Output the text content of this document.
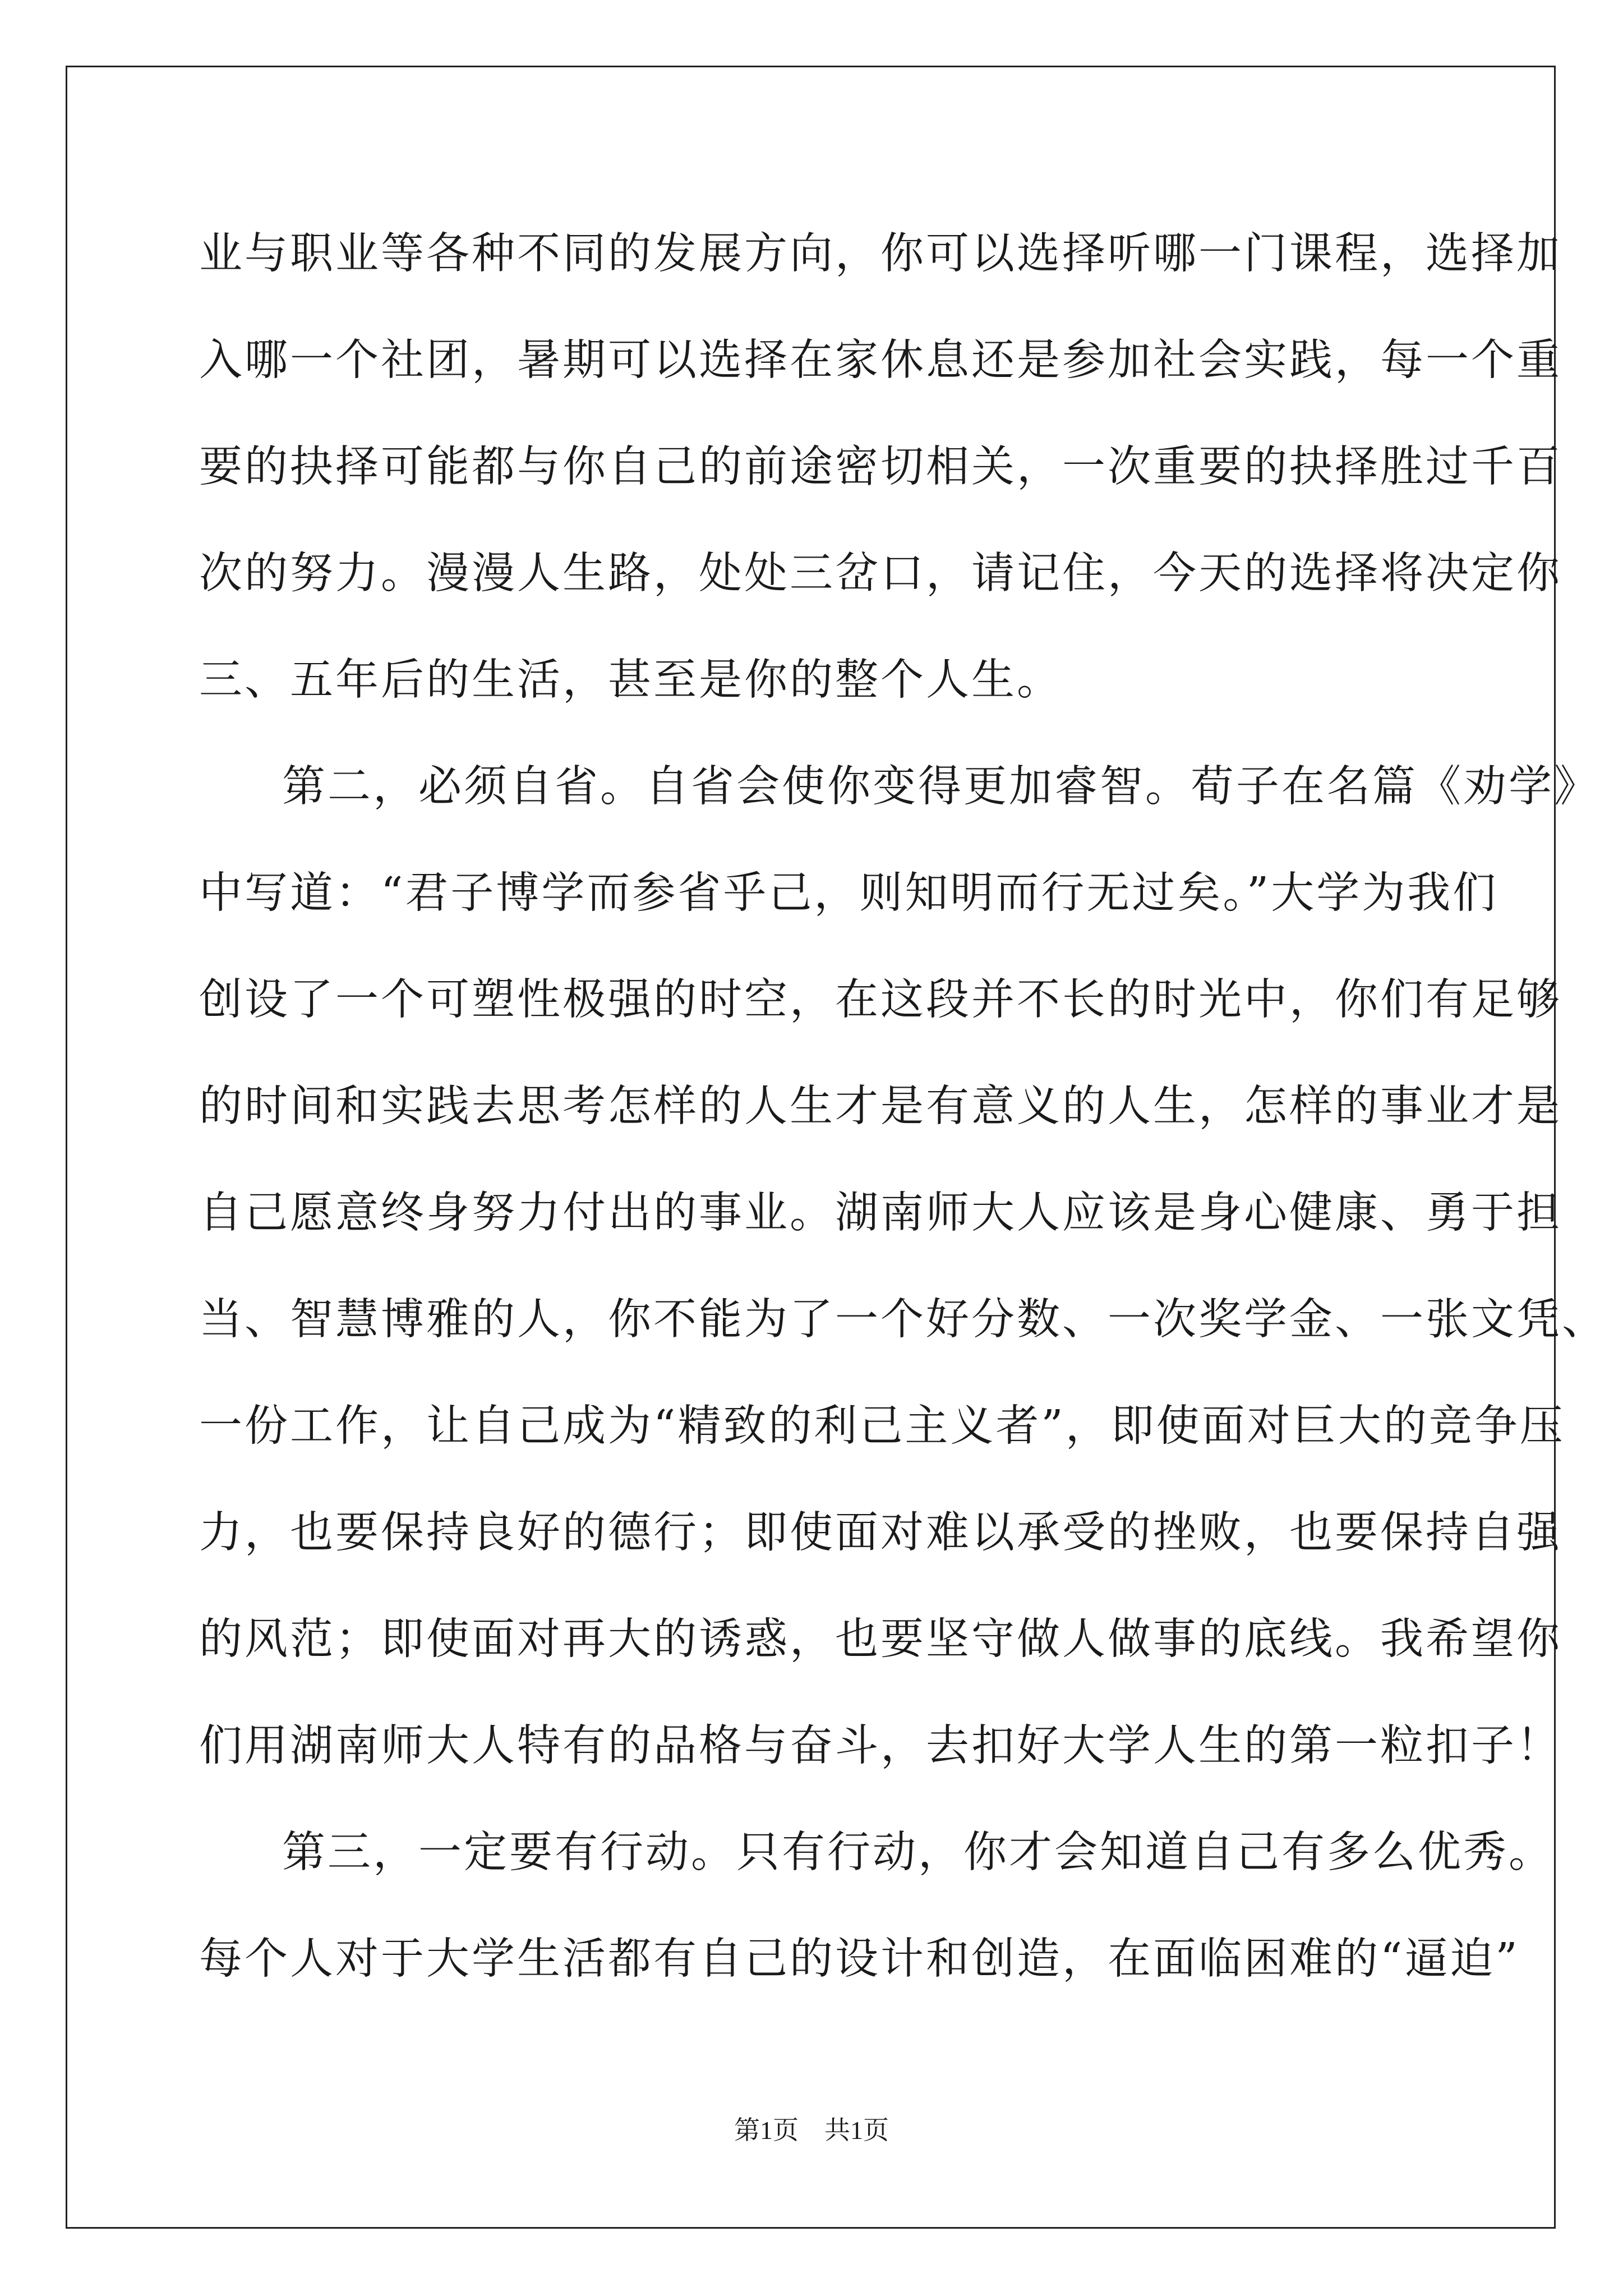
业与职业等各种不同的发展方向，你可以选择听哪一门课程，选择加
入哪一个社团，暑期可以选择在家休息还是参加社会实践，每一个重
要的抉择可能都与你自己的前途密切相关，一次重要的抉择胜过千百
次的努力。漫漫人生路，处处三岔口，请记住，今天的选择将决定你
三、五年后的生活，甚至是你的整个人生。
第二，必须自省。自省会使你变得更加睿智。荀子在名篇《劝学》
中写道：“君子博学而参省乎己，则知明而行无过矣。”大学为我们
创设了一个可塑性极强的时空，在这段并不长的时光中，你们有足够
的时间和实践去思考怎样的人生才是有意义的人生，怎样的事业才是
自己愿意终身努力付出的事业。湖南师大人应该是身心健康、勇于担
当、智慧博雅的人，你不能为了一个好分数、一次奖学金、一张文凭、
一份工作，让自己成为“精致的利己主义者”，即使面对巨大的竞争压
力，也要保持良好的德行；即使面对难以承受的挫败，也要保持自强
的风范；即使面对再大的诱惑，也要坚守做人做事的底线。我希望你
们用湖南师大人特有的品格与奋斗，去扣好大学人生的第一粒扣子！
第三，一定要有行动。只有行动，你才会知道自己有多么优秀。
每个人对于大学生活都有自己的设计和创造，在面临困难的“逼迫”
第1页 共1页
